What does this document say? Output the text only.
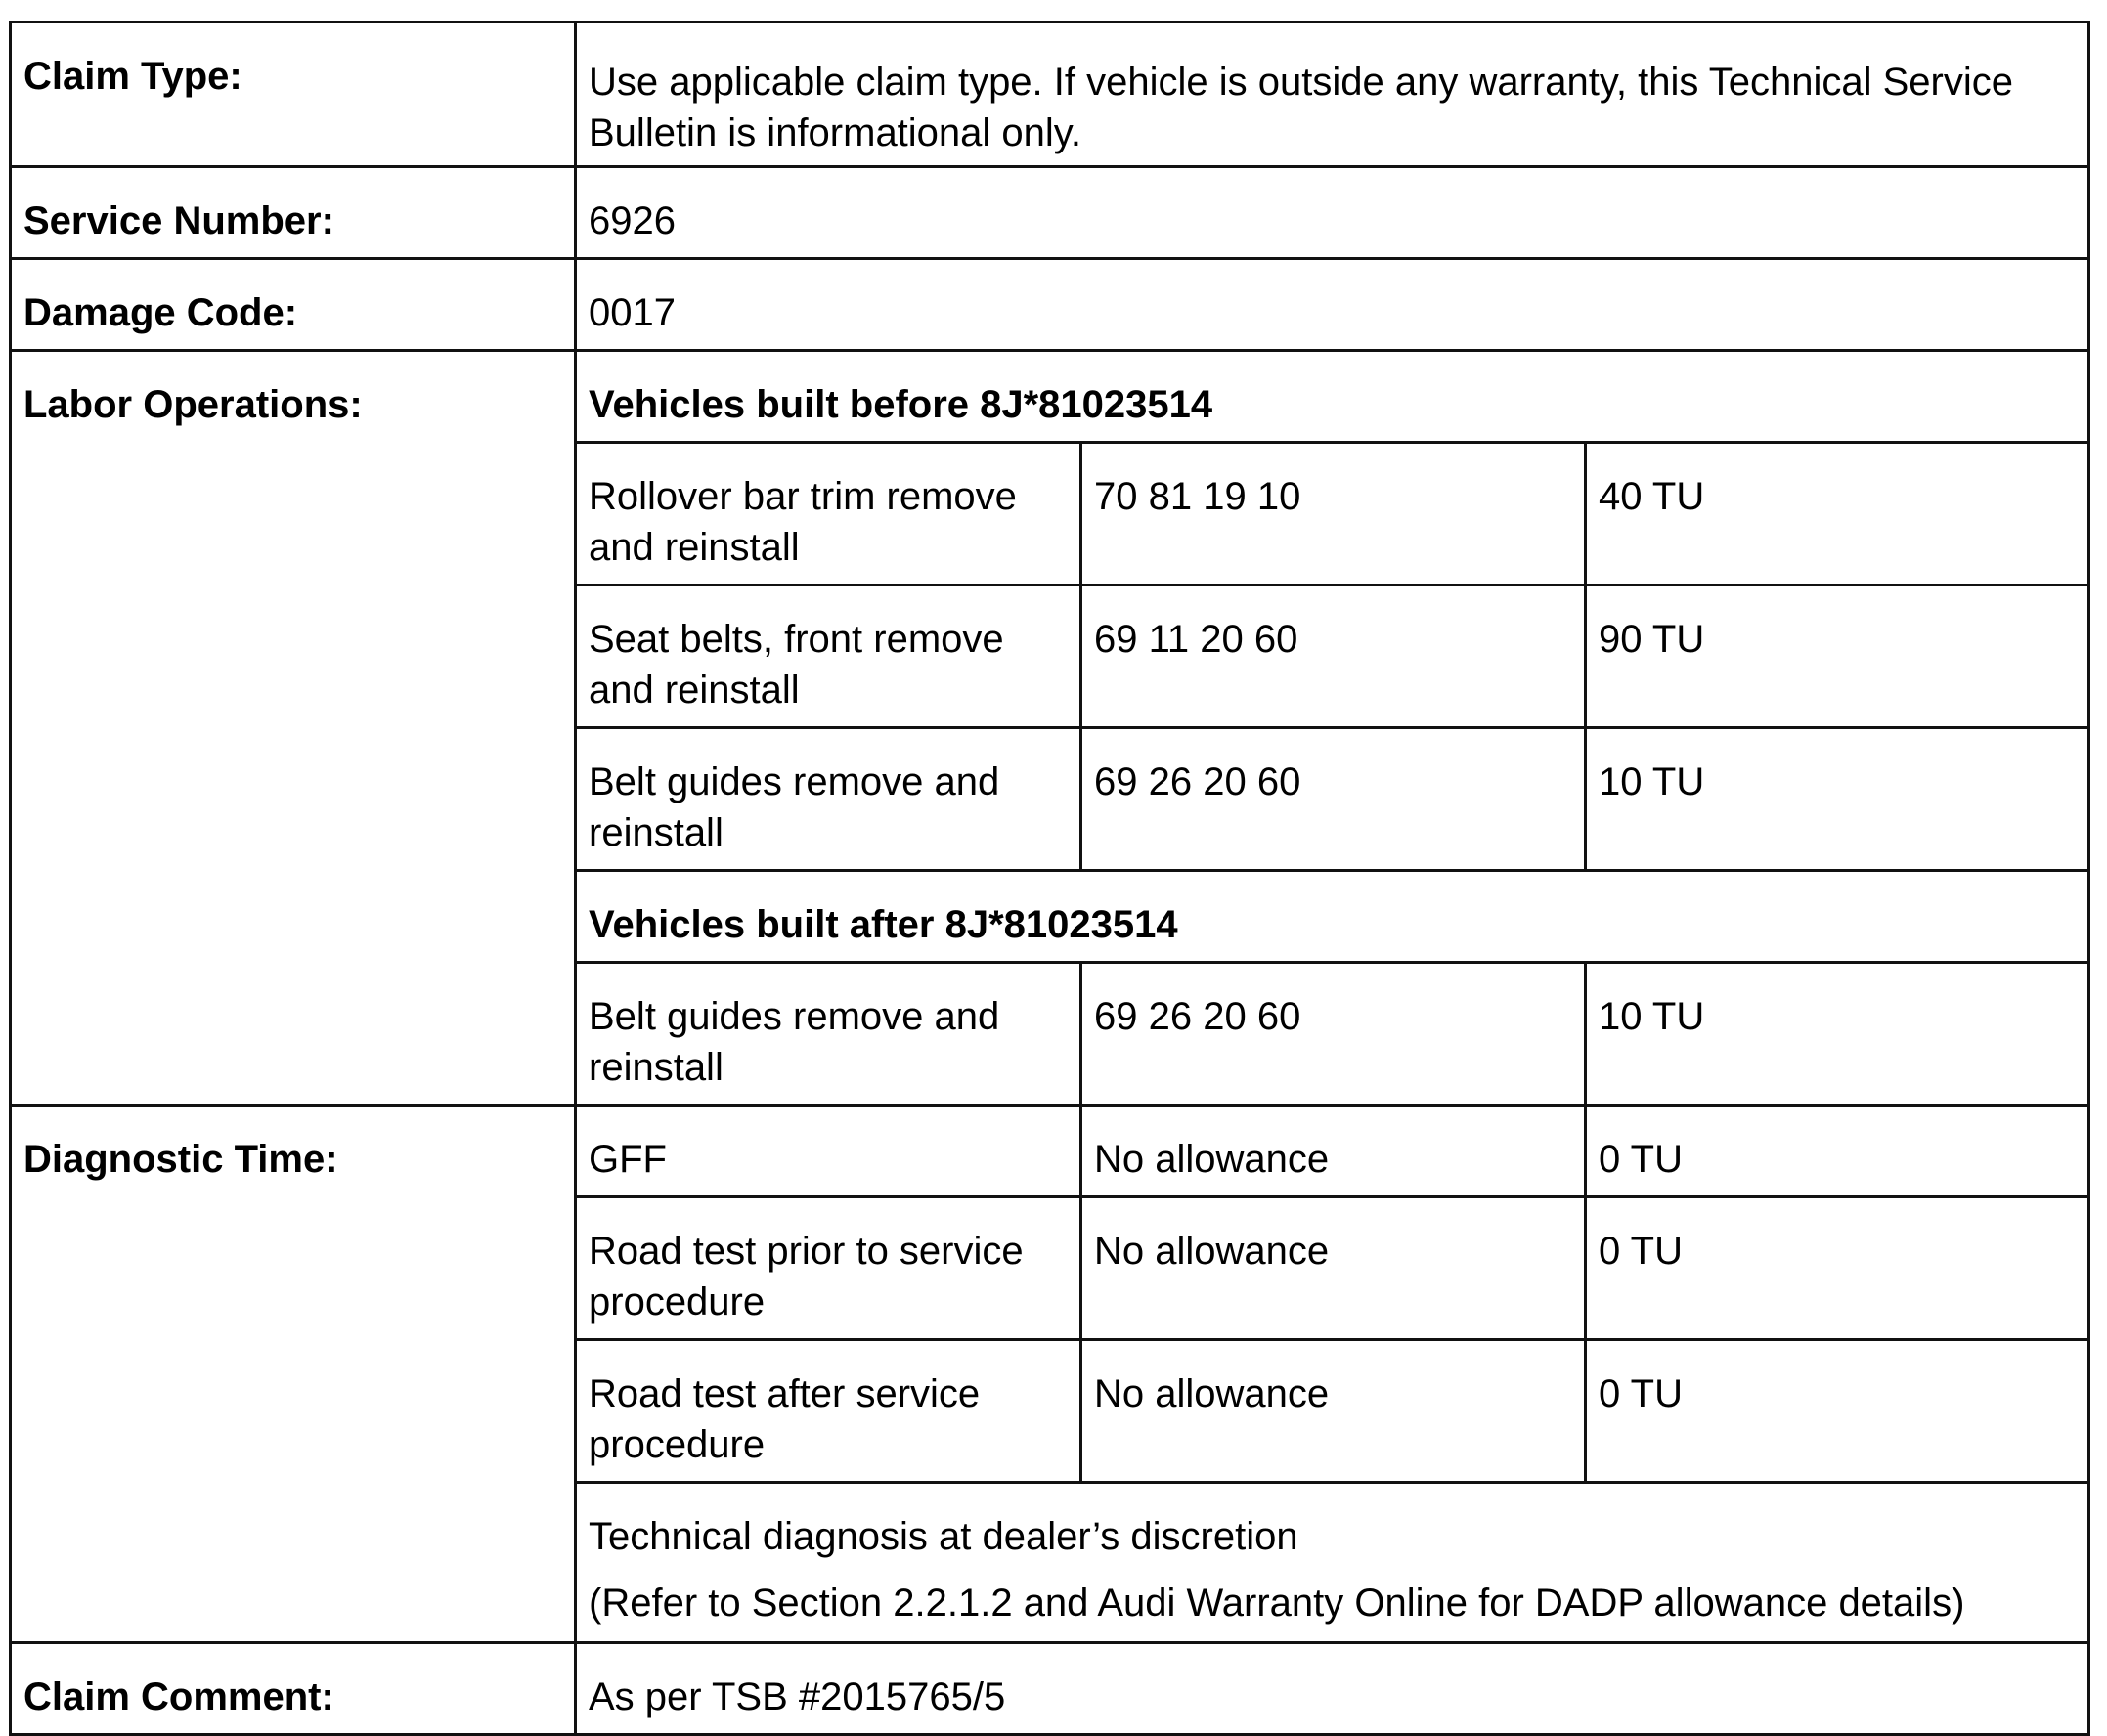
Claim Type:	Use applicable claim type. If vehicle is outside any warranty, this Technical Service Bulletin is informational only.		
Service Number:	6926		
Damage Code:	0017		
Labor Operations:	Vehicles built before 8J*81023514		
	Rollover bar trim remove and reinstall	70 81 19 10	40 TU
	Seat belts, front remove and reinstall	69 11 20 60	90 TU
	Belt guides remove and reinstall	69 26 20 60	10 TU
	Vehicles built after 8J*81023514		
	Belt guides remove and reinstall	69 26 20 60	10 TU
Diagnostic Time:	GFF	No allowance	0 TU
	Road test prior to service procedure	No allowance	0 TU
	Road test after service procedure	No allowance	0 TU

	Technical diagnosis at dealer’s discretion
(Refer to Section 2.2.1.2 and Audi Warranty Online for DADP allowance details)		

Claim Comment:	As per TSB #2015765/5		
